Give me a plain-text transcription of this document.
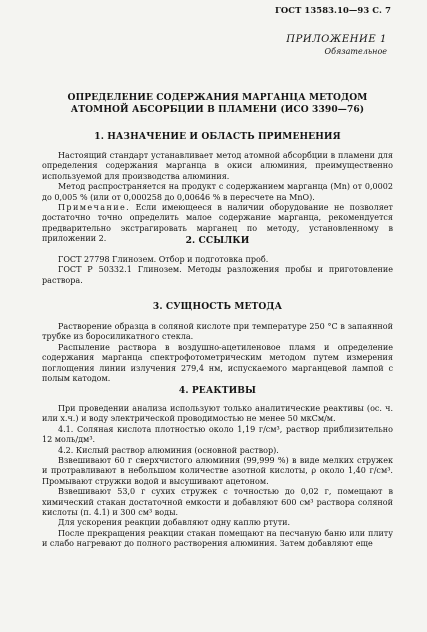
ГОСТ 13583.10—93 С. 7
ПРИЛОЖЕНИЕ 1
Обязательное
ОПРЕДЕЛЕНИЕ СОДЕРЖАНИЯ МАРГАНЦА МЕТОДОМ
АТОМНОЙ АБСОРБЦИИ В ПЛАМЕНИ (ИСО 3390—76)
1. НАЗНАЧЕНИЕ И ОБЛАСТЬ ПРИМЕНЕНИЯ

Настоящий стандарт устанавливает метод атомной абсорбции в пламени для определения содержания марганца в окиси алюминия, преимущественно используемой для производства алюминия.

Метод распространяется на продукт с содержанием марганца (Mn) от 0,0002 до 0,005 % (или от 0,000258 до 0,00646 % в пересчете на MnO).

Примечание. Если имеющееся в наличии оборудование не позволяет достаточно точно определить малое содержание марганца, рекомендуется предварительно экстрагировать марганец по методу, установленному в приложении 2.	2. ССЫЛКИ

ГОСТ 27798 Глинозем. Отбор и подготовка проб.

ГОСТ Р 50332.1 Глинозем. Методы разложения пробы и приготовление раствора.

3. СУЩНОСТЬ МЕТОДА

Растворение образца в соляной кислоте при температуре 250 °C в запаянной трубке из боросиликатного стекла.

Распыление раствора в воздушно-ацетиленовое пламя и определение содержания марганца спектрофотометрическим методом путем измерения поглощения линии излучения 279,4 нм, испускаемого марганцевой лампой с полым катодом.

4. РЕАКТИВЫ

При проведении анализа используют только аналитические реактивы (ос. ч. или х.ч.) и воду электрической проводимостью не менее 50 мкСм/м.

4.1. Соляная кислота плотностью около 1,19 г/см³, раствор приблизительно 12 моль/дм³.

4.2. Кислый раствор алюминия (основной раствор).

Взвешивают 60 г сверхчистого алюминия (99,999 %) в виде мелких стружек и протравливают в небольшом количестве азотной кислоты, ρ около 1,40 г/см³. Промывают стружки водой и высушивают ацетоном.

Взвешивают 53,0 г сухих стружек с точностью до 0,02 г, помещают в химический стакан достаточной емкости и добавляют 600 см³ раствора соляной кислоты (п. 4.1) и 300 см³ воды.

Для ускорения реакции добавляют одну каплю ртути.

После прекращения реакции стакан помещают на песчаную баню или плиту и слабо нагревают до полного растворения алюминия. Затем добавляют еще
